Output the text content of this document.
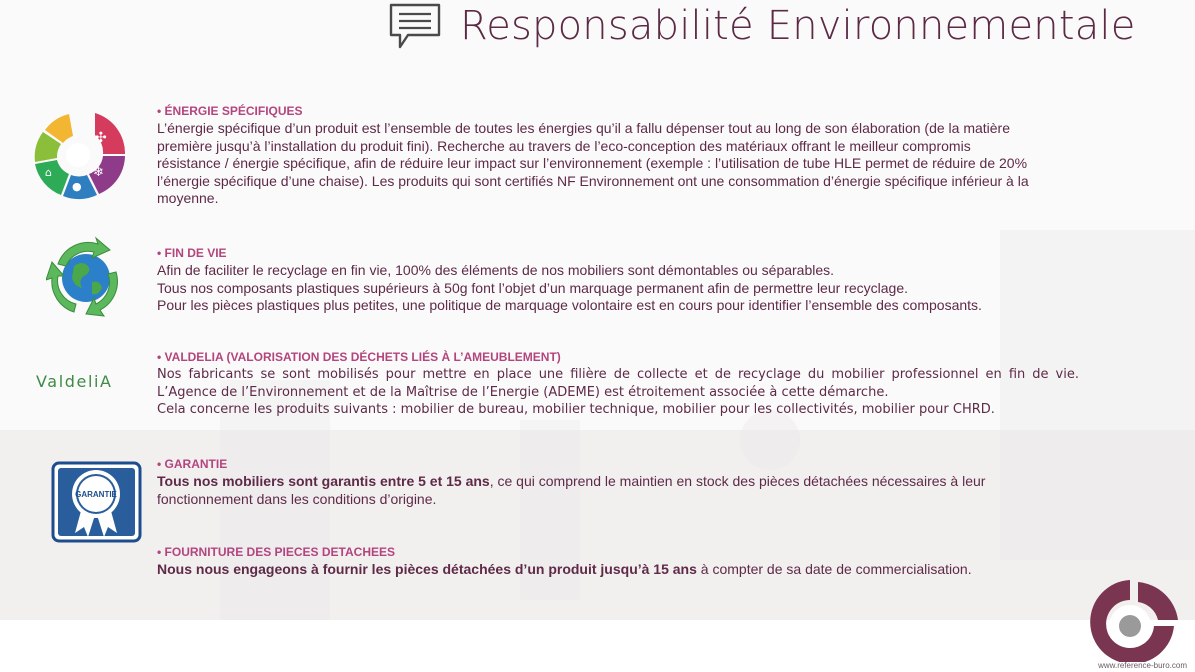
Responsabilité Environnementale
✣
❄
●
⌂
ValdeliA
GARANTIE
• ÉNERGIE SPÉCIFIQUES

L’énergie spécifique d’un produit est l’ensemble de toutes les énergies qu’il a fallu dépenser tout au long de son élaboration (de la matière

première jusqu’à l’installation du produit fini). Recherche au travers de l’eco-conception des matériaux offrant le meilleur compromis

résistance / énergie spécifique, afin de réduire leur impact sur l’environnement (exemple : l’utilisation de tube HLE permet de réduire de 20%

l’énergie spécifique d’une chaise). Les produits qui sont certifiés NF Environnement ont une consommation d’énergie spécifique inférieur à la

moyenne.

• FIN DE VIE

Afin de faciliter le recyclage en fin vie, 100% des éléments de nos mobiliers sont démontables ou séparables.

Tous nos composants plastiques supérieurs à 50g font l’objet d’un marquage permanent afin de permettre leur recyclage.

Pour les pièces plastiques plus petites, une politique de marquage volontaire est en cours pour identifier l’ensemble des composants.

• VALDELIA (VALORISATION DES DÉCHETS LIÉS À L’AMEUBLEMENT)

Nos fabricants se sont mobilisés pour mettre en place une filière de collecte et de recyclage du mobilier professionnel en fin de vie.

L’Agence de l’Environnement et de la Maîtrise de l’Energie (ADEME) est étroitement associée à cette démarche.

Cela concerne les produits suivants : mobilier de bureau, mobilier technique, mobilier pour les collectivités, mobilier pour CHRD.

• GARANTIE

Tous nos mobiliers sont garantis entre 5 et 15 ans, ce qui comprend le maintien en stock des pièces détachées nécessaires à leur

fonctionnement dans les conditions d’origine.

• FOURNITURE DES PIECES DETACHEES

Nous nous engageons à fournir les pièces détachées d’un produit jusqu’à 15 ans à compter de sa date de commercialisation.

www.reference-buro.com
